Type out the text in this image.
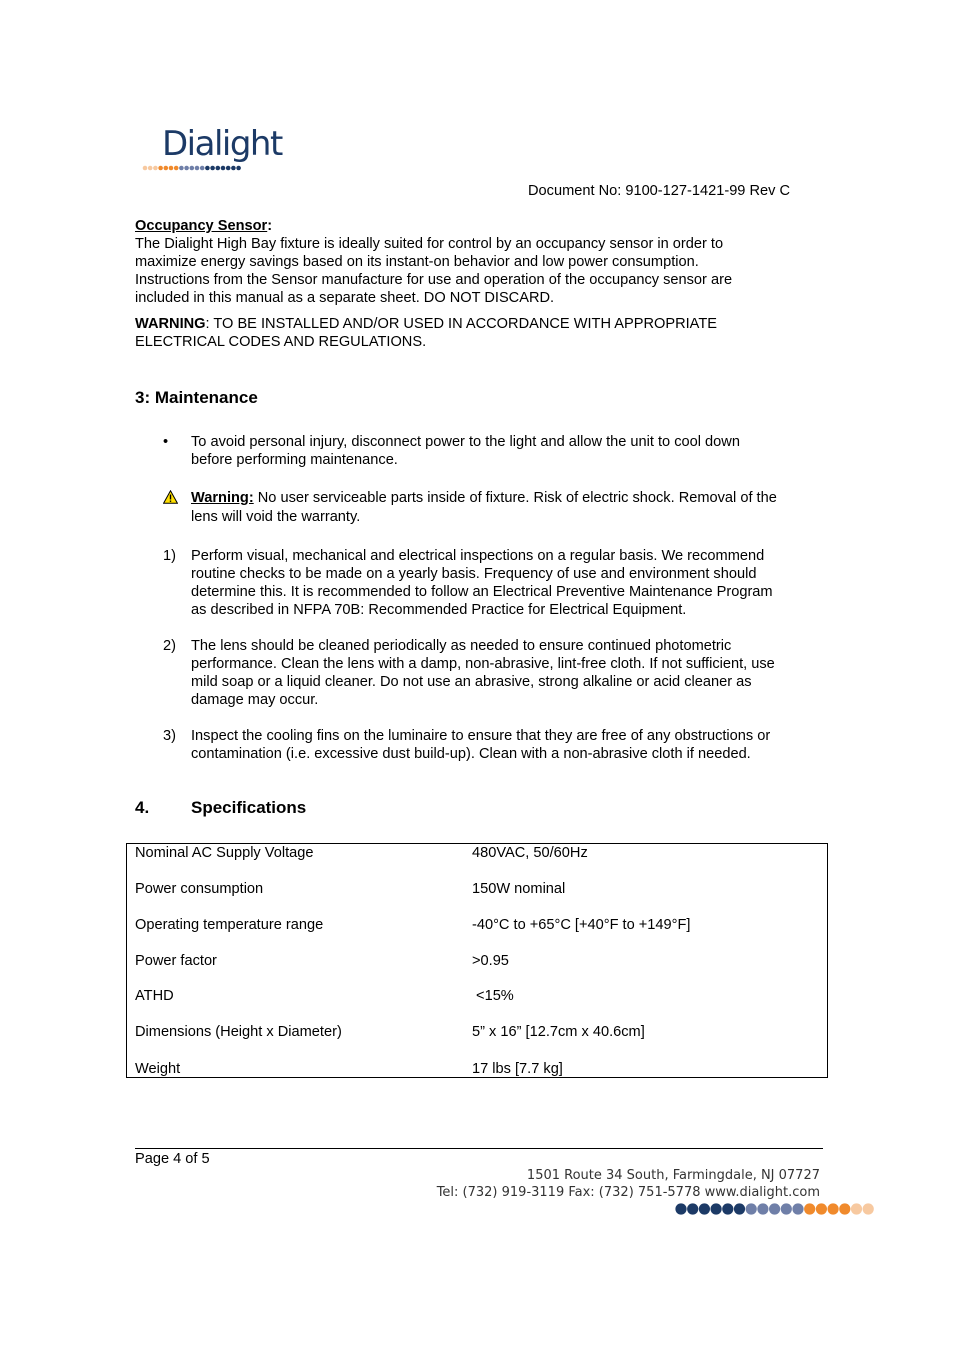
Dialight
Document No: 9100-127-1421-99 Rev C
Occupancy Sensor:
The Dialight High Bay fixture is ideally suited for control by an occupancy sensor in order to
maximize energy savings based on its instant-on behavior and low power consumption.
Instructions from the Sensor manufacture for use and operation of the occupancy sensor are
included in this manual as a separate sheet. DO NOT DISCARD.
WARNING: TO BE INSTALLED AND/OR USED IN ACCORDANCE WITH APPROPRIATE
ELECTRICAL CODES AND REGULATIONS.
3: Maintenance
• To avoid personal injury, disconnect power to the light and allow the unit to cool down
before performing maintenance.
Warning: No user serviceable parts inside of fixture. Risk of electric shock. Removal of the
lens will void the warranty.
1) Perform visual, mechanical and electrical inspections on a regular basis. We recommend
routine checks to be made on a yearly basis. Frequency of use and environment should
determine this. It is recommended to follow an Electrical Preventive Maintenance Program
as described in NFPA 70B: Recommended Practice for Electrical Equipment.
2) The lens should be cleaned periodically as needed to ensure continued photometric
performance. Clean the lens with a damp, non-abrasive, lint-free cloth. If not sufficient, use
mild soap or a liquid cleaner. Do not use an abrasive, strong alkaline or acid cleaner as
damage may occur.
3) Inspect the cooling fins on the luminaire to ensure that they are free of any obstructions or
contamination (i.e. excessive dust build-up). Clean with a non-abrasive cloth if needed.
4. Specifications
Nominal AC Supply Voltage	480VAC, 50/60Hz
Power consumption	150W nominal
Operating temperature range	-40°C to +65°C [+40°F to +149°F]
Power factor	>0.95
ATHD	<15%
Dimensions (Height x Diameter)	5” x 16” [12.7cm x 40.6cm]
Weight	17 lbs [7.7 kg]
Page 4 of 5
1501 Route 34 South, Farmingdale, NJ 07727
Tel: (732) 919-3119 Fax: (732) 751-5778 www.dialight.com
